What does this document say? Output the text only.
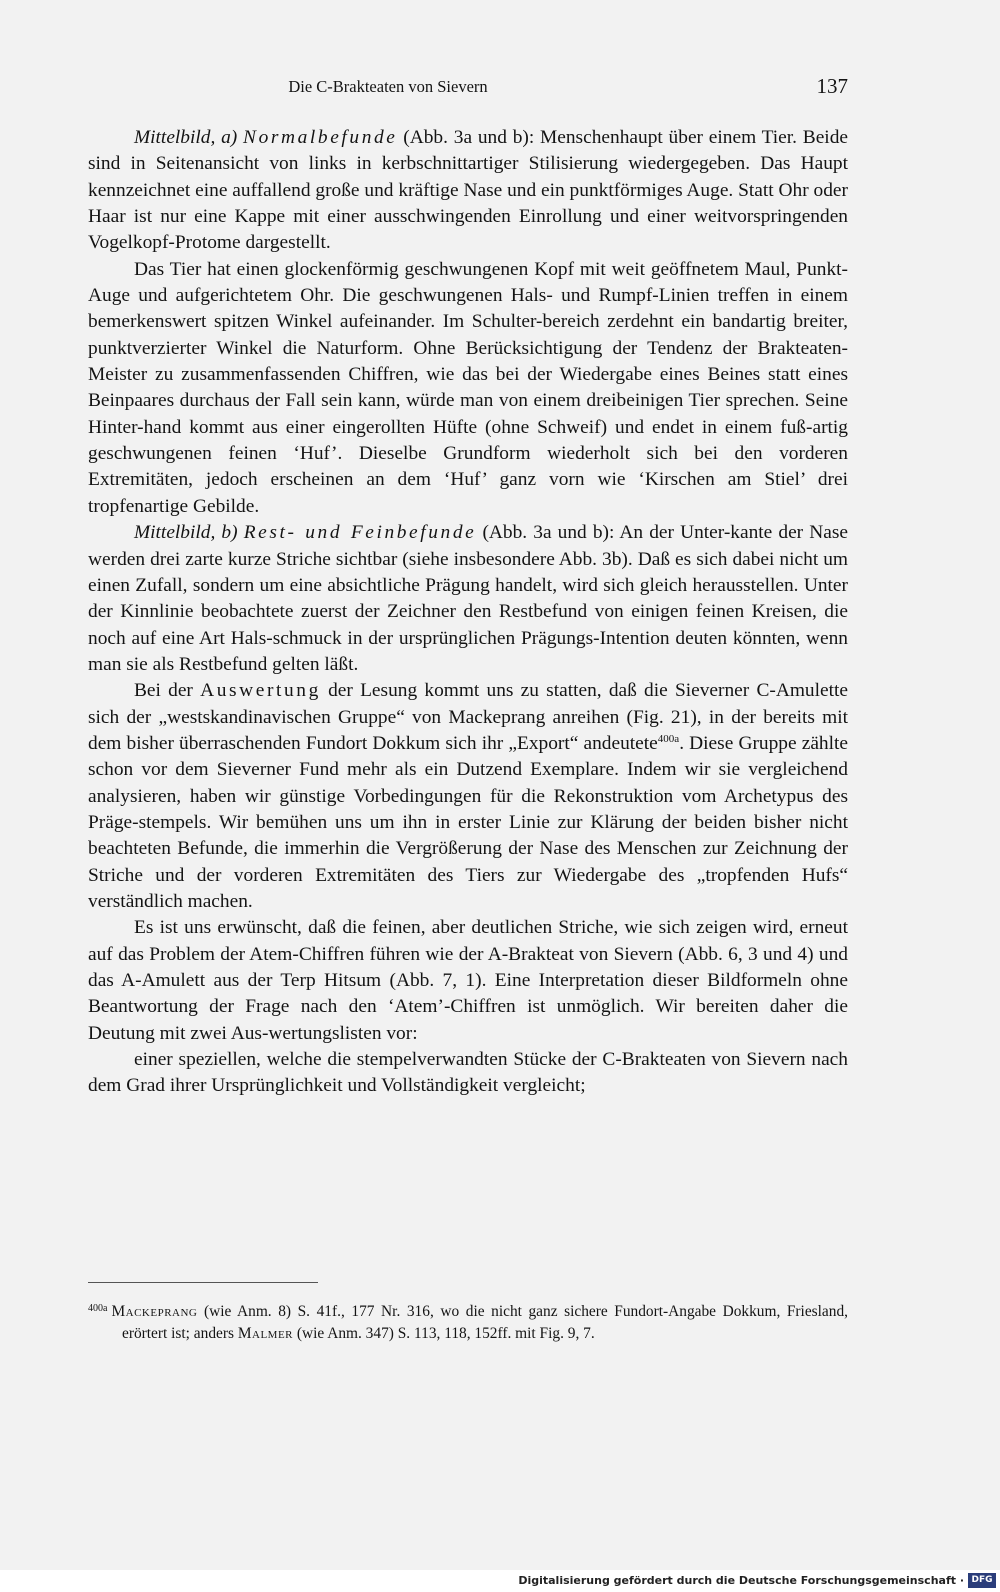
Die C-Brakteaten von Sievern	137

Mittelbild, a) Normalbefunde (Abb. 3a und b): Menschenhaupt über einem Tier. Beide sind in Seitenansicht von links in kerbschnittartiger Stilisierung wiedergegeben. Das Haupt kennzeichnet eine auffallend große und kräftige Nase und ein punktförmiges Auge. Statt Ohr oder Haar ist nur eine Kappe mit einer ausschwingenden Einrollung und einer weitvorspringenden Vogelkopf-Protome dargestellt.

Das Tier hat einen glockenförmig geschwungenen Kopf mit weit geöffnetem Maul, Punkt-Auge und aufgerichtetem Ohr. Die geschwungenen Hals- und Rumpf-Linien treffen in einem bemerkenswert spitzen Winkel aufeinander. Im Schulter-bereich zerdehnt ein bandartig breiter, punktverzierter Winkel die Naturform. Ohne Berücksichtigung der Tendenz der Brakteaten-Meister zu zusammenfassenden Chiffren, wie das bei der Wiedergabe eines Beines statt eines Beinpaares durchaus der Fall sein kann, würde man von einem dreibeinigen Tier sprechen. Seine Hinter-hand kommt aus einer eingerollten Hüfte (ohne Schweif) und endet in einem fuß-artig geschwungenen feinen ‘Huf’. Dieselbe Grundform wiederholt sich bei den vorderen Extremitäten, jedoch erscheinen an dem ‘Huf’ ganz vorn wie ‘Kirschen am Stiel’ drei tropfenartige Gebilde.

Mittelbild, b) Rest- und Feinbefunde (Abb. 3a und b): An der Unter-kante der Nase werden drei zarte kurze Striche sichtbar (siehe insbesondere Abb. 3b). Daß es sich dabei nicht um einen Zufall, sondern um eine absichtliche Prägung handelt, wird sich gleich herausstellen. Unter der Kinnlinie beobachtete zuerst der Zeichner den Restbefund von einigen feinen Kreisen, die noch auf eine Art Hals-schmuck in der ursprünglichen Prägungs-Intention deuten könnten, wenn man sie als Restbefund gelten läßt.

Bei der Auswertung der Lesung kommt uns zu statten, daß die Sieverner C-Amulette sich der „westskandinavischen Gruppe“ von Mackeprang anreihen (Fig. 21), in der bereits mit dem bisher überraschenden Fundort Dokkum sich ihr „Export“ andeutete$^{400a}$. Diese Gruppe zählte schon vor dem Sieverner Fund mehr als ein Dutzend Exemplare. Indem wir sie vergleichend analysieren, haben wir günstige Vorbedingungen für die Rekonstruktion vom Archetypus des Präge-stempels. Wir bemühen uns um ihn in erster Linie zur Klärung der beiden bisher nicht beachteten Befunde, die immerhin die Vergrößerung der Nase des Menschen zur Zeichnung der Striche und der vorderen Extremitäten des Tiers zur Wiedergabe des „tropfenden Hufs“ verständlich machen.

Es ist uns erwünscht, daß die feinen, aber deutlichen Striche, wie sich zeigen wird, erneut auf das Problem der Atem-Chiffren führen wie der A-Brakteat von Sievern (Abb. 6, 3 und 4) und das A-Amulett aus der Terp Hitsum (Abb. 7, 1). Eine Interpretation dieser Bildformeln ohne Beantwortung der Frage nach den ‘Atem’-Chiffren ist unmöglich. Wir bereiten daher die Deutung mit zwei Aus-wertungslisten vor:

einer speziellen, welche die stempelverwandten Stücke der C-Brakteaten von Sievern nach dem Grad ihrer Ursprünglichkeit und Vollständigkeit vergleicht;

$^{400a}$ Mackeprang (wie Anm. 8) S. 41f., 177 Nr. 316, wo die nicht ganz sichere Fundort-Angabe Dokkum, Friesland, erörtert ist; anders Malmer (wie Anm. 347) S. 113, 118, 152ff. mit Fig. 9, 7.

Digitalisierung gefördert durch die Deutsche Forschungsgemeinschaft · DFG
